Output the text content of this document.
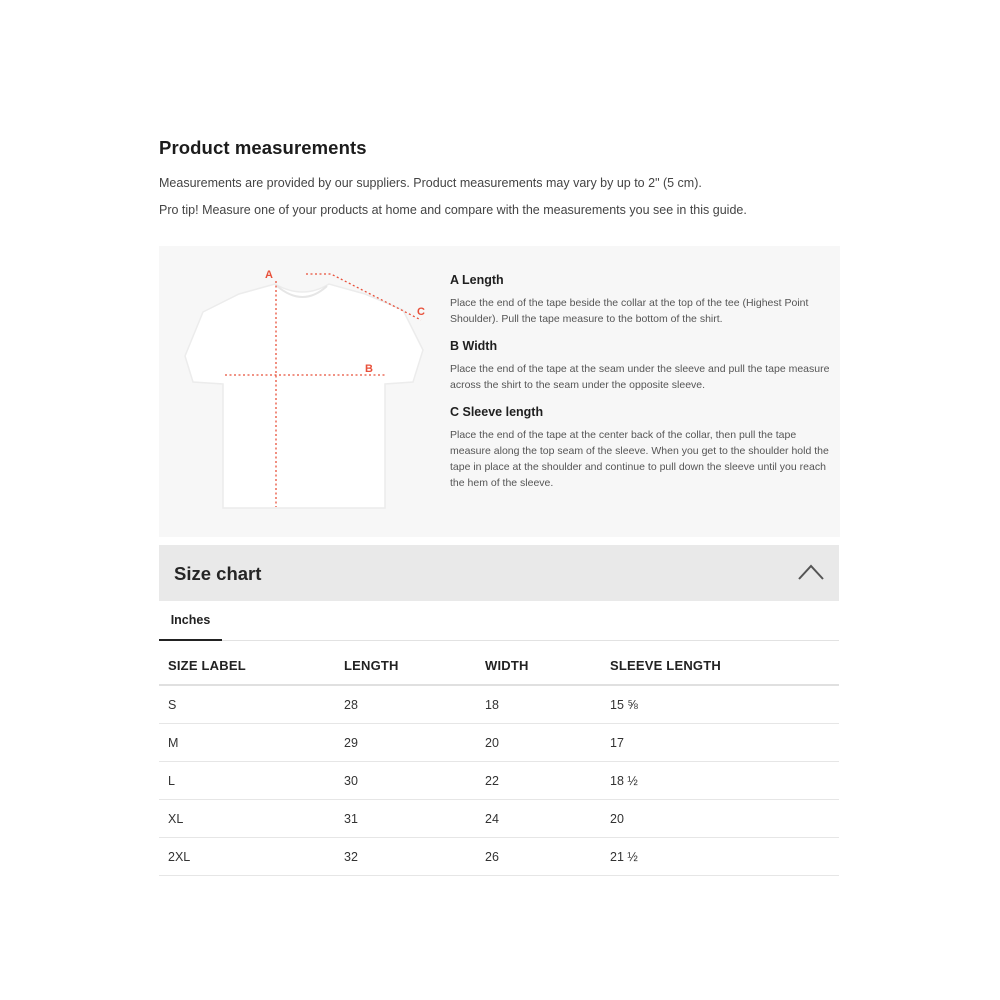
Product measurements
Measurements are provided by our suppliers. Product measurements may vary by up to 2" (5 cm).
Pro tip! Measure one of your products at home and compare with the measurements you see in this guide.
A
B
C

A Length

Place the end of the tape beside the collar at the top of the tee (Highest Point Shoulder). Pull the tape measure to the bottom of the shirt.

B Width

Place the end of the tape at the seam under the sleeve and pull the tape measure across the shirt to the seam under the opposite sleeve.

C Sleeve length

Place the end of the tape at the center back of the collar, then pull the tape measure along the top seam of the sleeve. When you get to the shoulder hold the tape in place at the shoulder and continue to pull down the sleeve until you reach the hem of the sleeve.

Size chart
Inches
SIZE LABEL	LENGTH	WIDTH	SLEEVE LENGTH
S	28	18	15 ⅝
M	29	20	17
L	30	22	18 ½
XL	31	24	20
2XL	32	26	21 ½
